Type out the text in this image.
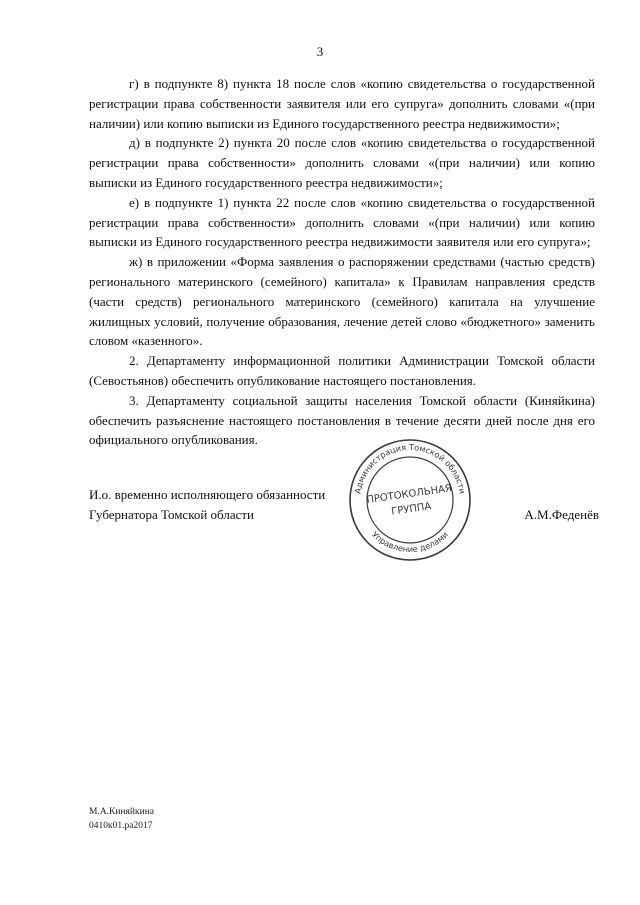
3

г) в подпункте 8) пункта 18 после слов «копию свидетельства о государственной регистрации права собственности заявителя или его супруга» дополнить словами «(при наличии) или копию выписки из Единого государственного реестра недвижимости»;

д) в подпункте 2) пункта 20 после слов «копию свидетельства о государственной регистрации права собственности» дополнить словами «(при наличии) или копию выписки из Единого государственного реестра недвижимости»;

е) в подпункте 1) пункта 22 после слов «копию свидетельства о государственной регистрации права собственности» дополнить словами «(при наличии) или копию выписки из Единого государственного реестра недвижимости заявителя или его супруга»;

ж) в приложении «Форма заявления о распоряжении средствами (частью средств) регионального материнского (семейного) капитала» к Правилам направления средств (части средств) регионального материнского (семейного) капитала на улучшение жилищных условий, получение образования, лечение детей слово «бюджетного» заменить словом «казенного».

2. Департаменту информационной политики Администрации Томской области (Севостьянов) обеспечить опубликование настоящего постановления.

3. Департаменту социальной защиты населения Томской области (Киняйкина) обеспечить разъяснение настоящего постановления в течение десяти дней после дня его официального опубликования.

И.о. временно исполняющего обязанности
Губернатора Томской области	А.М.Феденёв
Администрация Томской области
Управление делами
ПРОТОКОЛЬНАЯ
ГРУППА
М.А.Киняйкина
0410к01.ра2017
